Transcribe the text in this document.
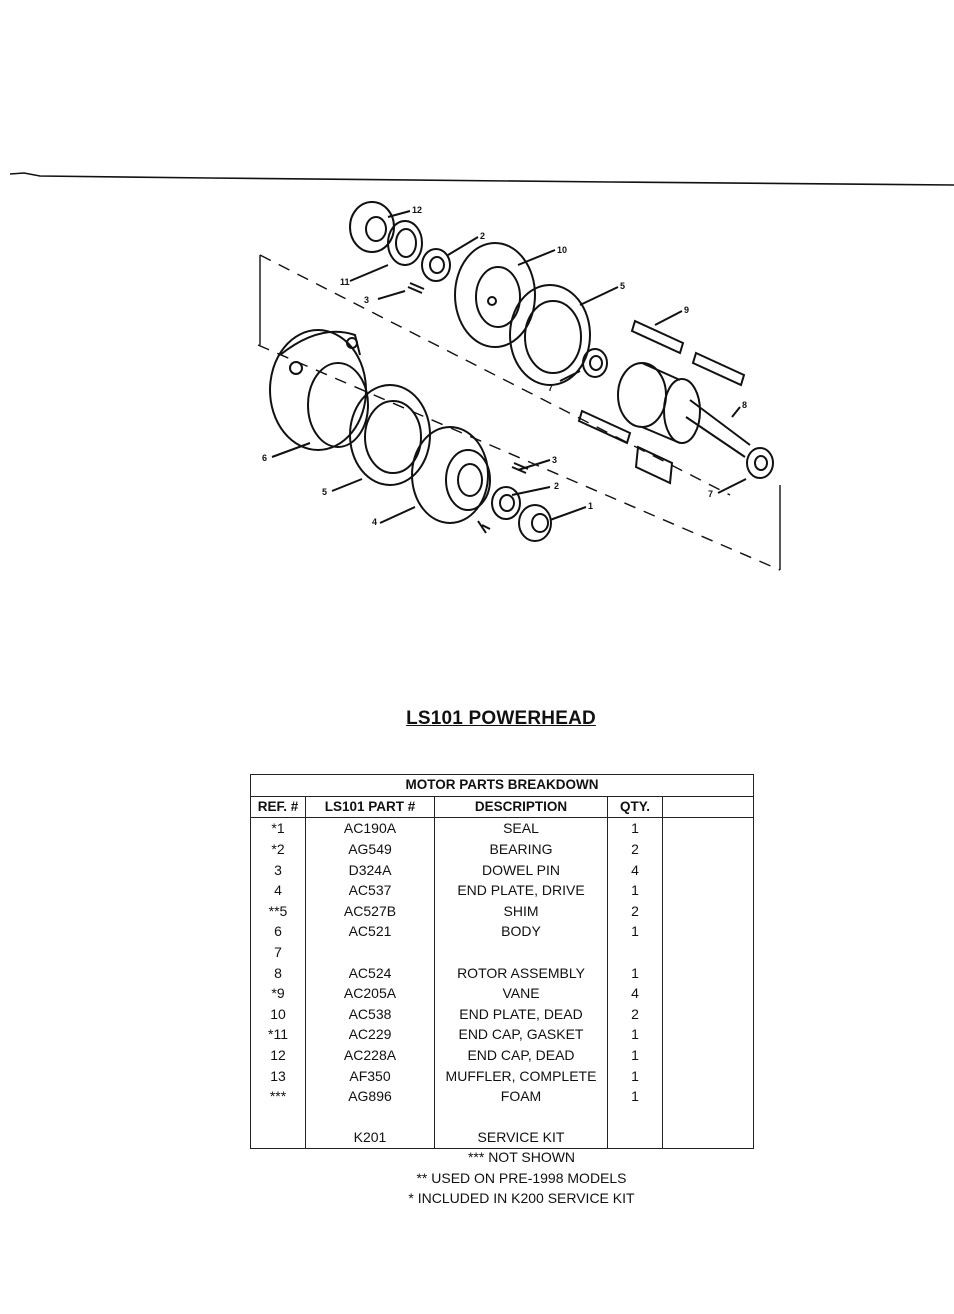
12
2
10
11
3
5
9
7
8
6
5
3
2
1
4
7
LS101 POWERHEAD
MOTOR PARTS BREAKDOWN				
REF. #	LS101 PART #	DESCRIPTION	QTY.	
*1	AC190A	SEAL	1	
*2	AG549	BEARING	2	
3	D324A	DOWEL PIN	4	
4	AC537	END PLATE, DRIVE	1	
**5	AC527B	SHIM	2	
6	AC521	BODY	1	
7				
8	AC524	ROTOR ASSEMBLY	1	
*9	AC205A	VANE	4	
10	AC538	END PLATE, DEAD	2	
*11	AC229	END CAP, GASKET	1	
12	AC228A	END CAP, DEAD	1	
13	AF350	MUFFLER, COMPLETE	1	
***	AG896	FOAM	1	

	K201	SERVICE KIT		
*** NOT SHOWN
** USED ON PRE-1998 MODELS
* INCLUDED IN K200 SERVICE KIT
